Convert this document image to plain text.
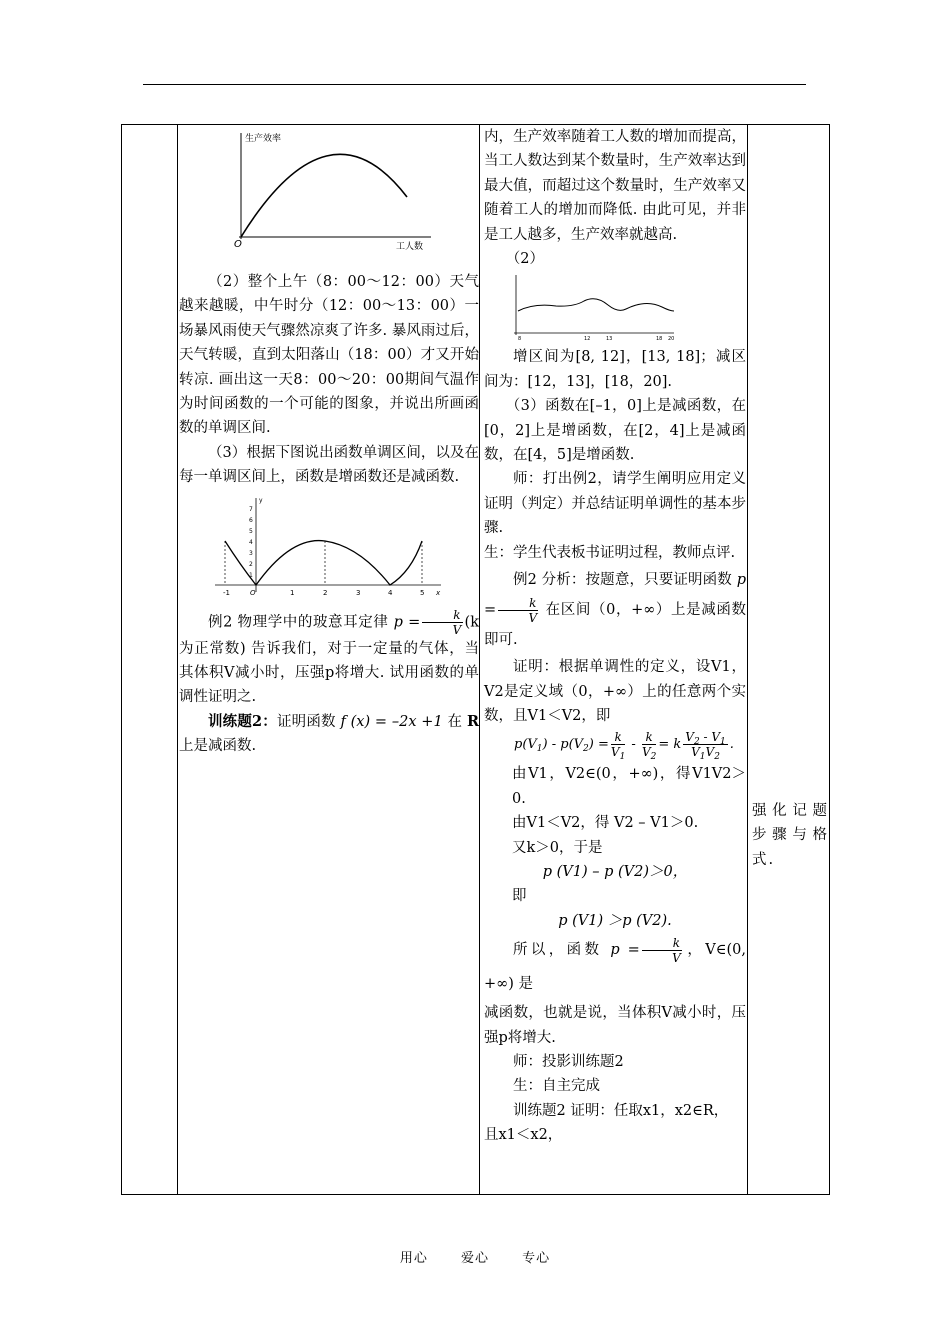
生产效率
工人数
O

（2）整个上午（8：00～12：00）天气越来越暖，中午时分（12：00～13：00）一场暴风雨使天气骤然凉爽了许多. 暴风雨过后，天气转暖，直到太阳落山（18：00）才又开始转凉. 画出这一天8：00～20：00期间气温作为时间函数的一个可能的图象，并说出所画函数的单调区间.

（3）根据下图说出函数单调区间，以及在每一单调区间上，函数是增函数还是减函数.

1
2
3
4
5
6
7
y
-1	O	1	2	3	4	5 x

例2 物理学中的玻意耳定律 $p = \frac{k}{V} (k$为正常数) 告诉我们，对于一定量的气体，当其体积V减小时，压强p将增大. 试用函数的单调性证明之.

训练题2：证明函数 f (x) = –2x +1 在 R上是减函数.

内，生产效率随着工人数的增加而提高，当工人数达到某个数量时，生产效率达到最大值，而超过这个数量时，生产效率又随着工人的增加而降低. 由此可见，并非是工人越多，生产效率就越高.

（2）

8	12	13	18 20

增区间为[8, 12]，[13, 18]；减区间为：[12，13]，[18，20].

（3）函数在[–1，0]上是减函数，在[0，2]上是增函数，在[2，4]上是减函数，在[4，5]是增函数.

师：打出例2，请学生阐明应用定义证明（判定）并总结证明单调性的基本步骤.

生：学生代表板书证明过程，教师点评.

例2 分析：按题意，只要证明函数 $p = \frac{k}{V}$ 在区间（0，+∞）上是减函数即可.

证明：根据单调性的定义，设V1，V2是定义域（0，+∞）上的任意两个实数，且V1＜V2，即

$p(V_1) - p(V_2) = \frac{k}{V_1} - \frac{k}{V_2} = k \frac{V_2 - V_1}{V_1V_2}$ .

由V1，V2∈(0，+∞)，得V1V2＞0.

由V1＜V2，得 V2 – V1＞0.

又k＞0，于是

p (V1) – p (V2)＞0，

即

p (V1) ＞p (V2).

所以，函数 $p = \frac{k}{V}$ ，V∈(0, +∞) 是

减函数，也就是说，当体积V减小时，压强p将增大.

师：投影训练题2

生：自主完成

训练题2 证明：任取x1，x2∈R，

且x1＜x2，

强化记题步骤与格式.

用心	爱心	专心
